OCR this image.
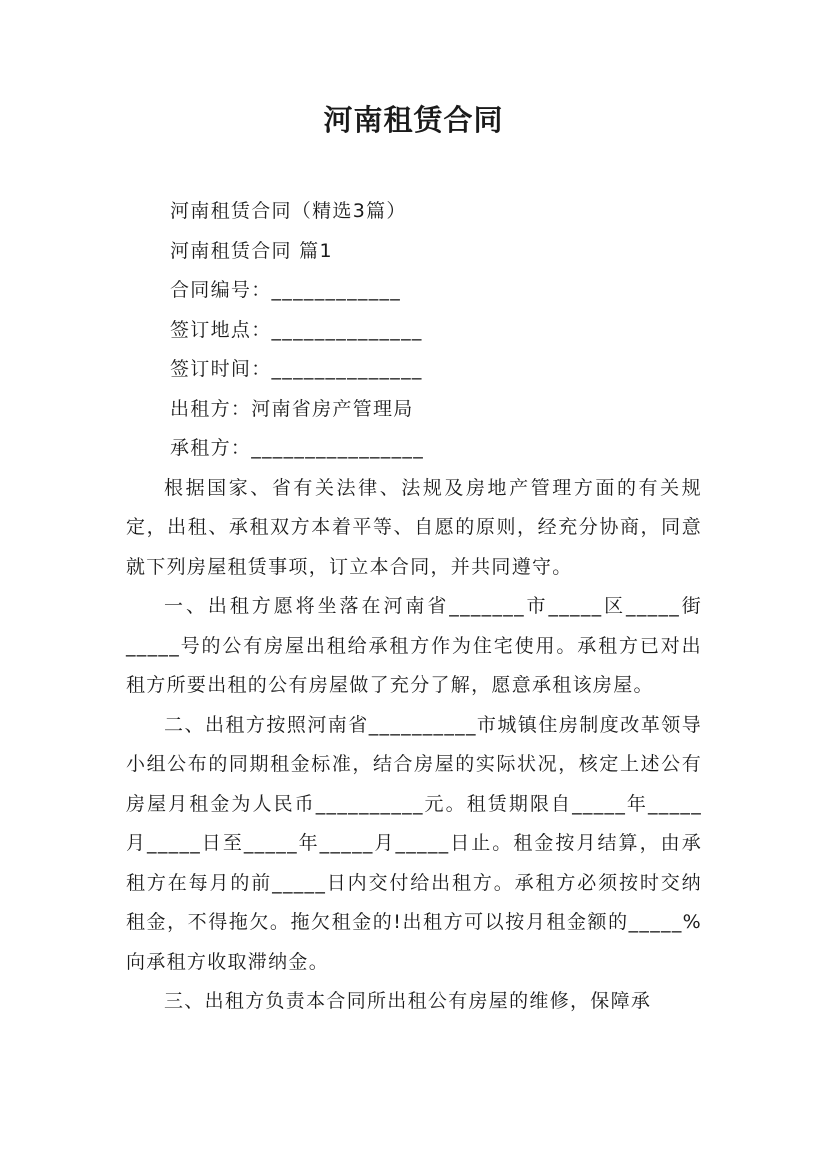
河南租赁合同

河南租赁合同（精选3篇）

河南租赁合同 篇1

合同编号：____________

签订地点：______________

签订时间：______________

出租方：河南省房产管理局

承租方：________________

根据国家、省有关法律、法规及房地产管理方面的有关规定，出租、承租双方本着平等、自愿的原则，经充分协商，同意就下列房屋租赁事项，订立本合同，并共同遵守。

一、出租方愿将坐落在河南省_______市_____区_____街_____号的公有房屋出租给承租方作为住宅使用。承租方已对出租方所要出租的公有房屋做了充分了解，愿意承租该房屋。

二、出租方按照河南省__________市城镇住房制度改革领导小组公布的同期租金标准，结合房屋的实际状况，核定上述公有房屋月租金为人民币__________元。租赁期限自_____年_____月_____日至_____年_____月_____日止。租金按月结算，由承租方在每月的前_____日内交付给出租方。承租方必须按时交纳租金，不得拖欠。拖欠租金的!出租方可以按月租金额的_____%向承租方收取滞纳金。

三、出租方负责本合同所出租公有房屋的维修，保障承
